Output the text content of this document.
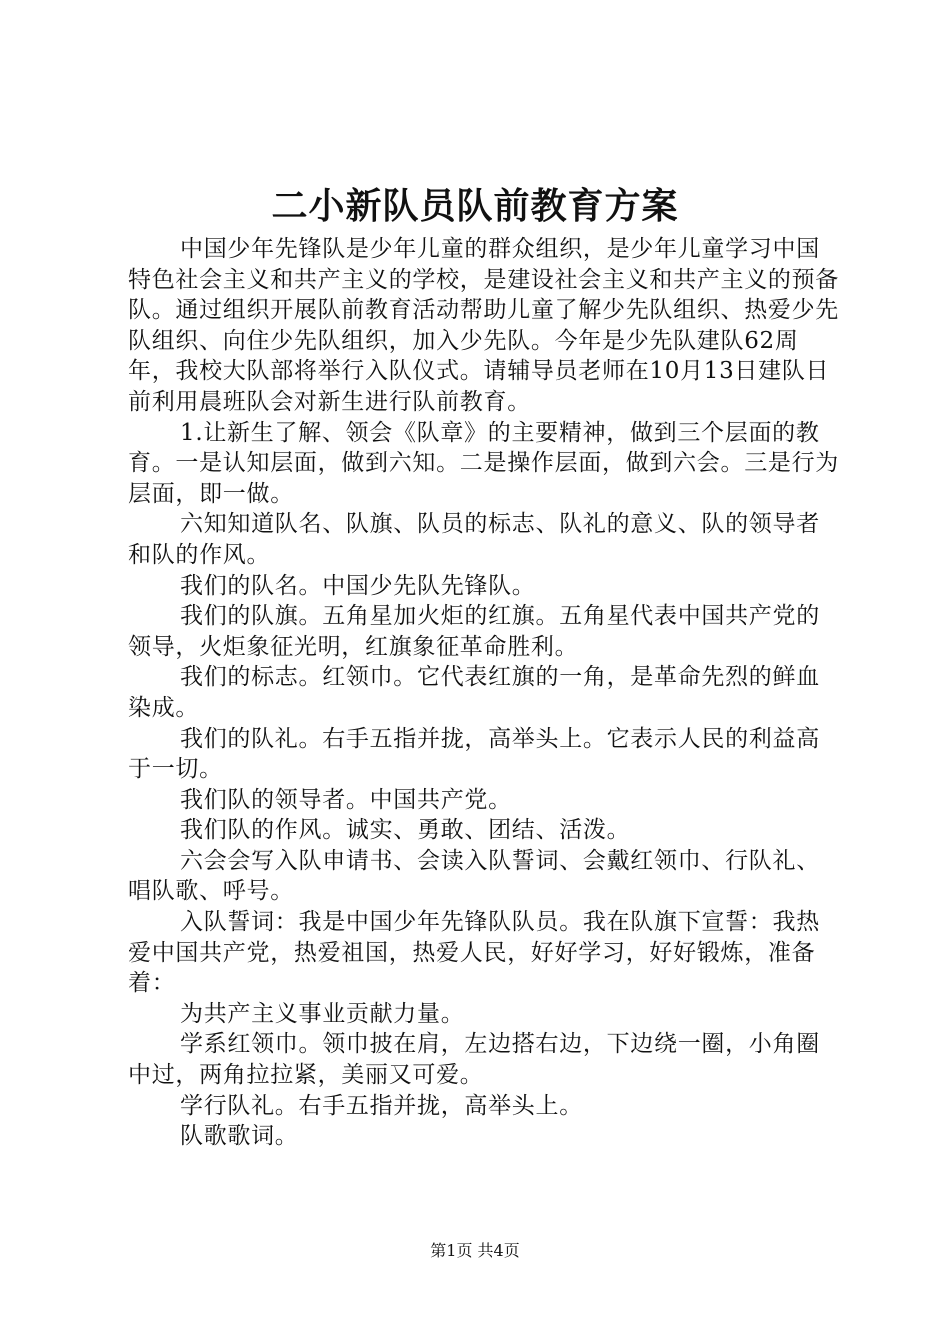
二小新队员队前教育方案

中国少年先锋队是少年儿童的群众组织，是少年儿童学习中国特色社会主义和共产主义的学校，是建设社会主义和共产主义的预备队。通过组织开展队前教育活动帮助儿童了解少先队组织、热爱少先队组织、向住少先队组织，加入少先队。今年是少先队建队62周年，我校大队部将举行入队仪式。请辅导员老师在10月13日建队日前利用晨班队会对新生进行队前教育。

1.让新生了解、领会《队章》的主要精神，做到三个层面的教育。一是认知层面，做到六知。二是操作层面，做到六会。三是行为层面，即一做。

六知知道队名、队旗、队员的标志、队礼的意义、队的领导者和队的作风。

我们的队名。中国少先队先锋队。

我们的队旗。五角星加火炬的红旗。五角星代表中国共产党的领导，火炬象征光明，红旗象征革命胜利。

我们的标志。红领巾。它代表红旗的一角，是革命先烈的鲜血染成。

我们的队礼。右手五指并拢，高举头上。它表示人民的利益高于一切。

我们队的领导者。中国共产党。

我们队的作风。诚实、勇敢、团结、活泼。

六会会写入队申请书、会读入队誓词、会戴红领巾、行队礼、唱队歌、呼号。

入队誓词：我是中国少年先锋队队员。我在队旗下宣誓：我热爱中国共产党，热爱祖国，热爱人民，好好学习，好好锻炼，准备着：

为共产主义事业贡献力量。

学系红领巾。领巾披在肩，左边搭右边，下边绕一圈，小角圈中过，两角拉拉紧，美丽又可爱。

学行队礼。右手五指并拢，高举头上。

队歌歌词。

第1页 共4页
